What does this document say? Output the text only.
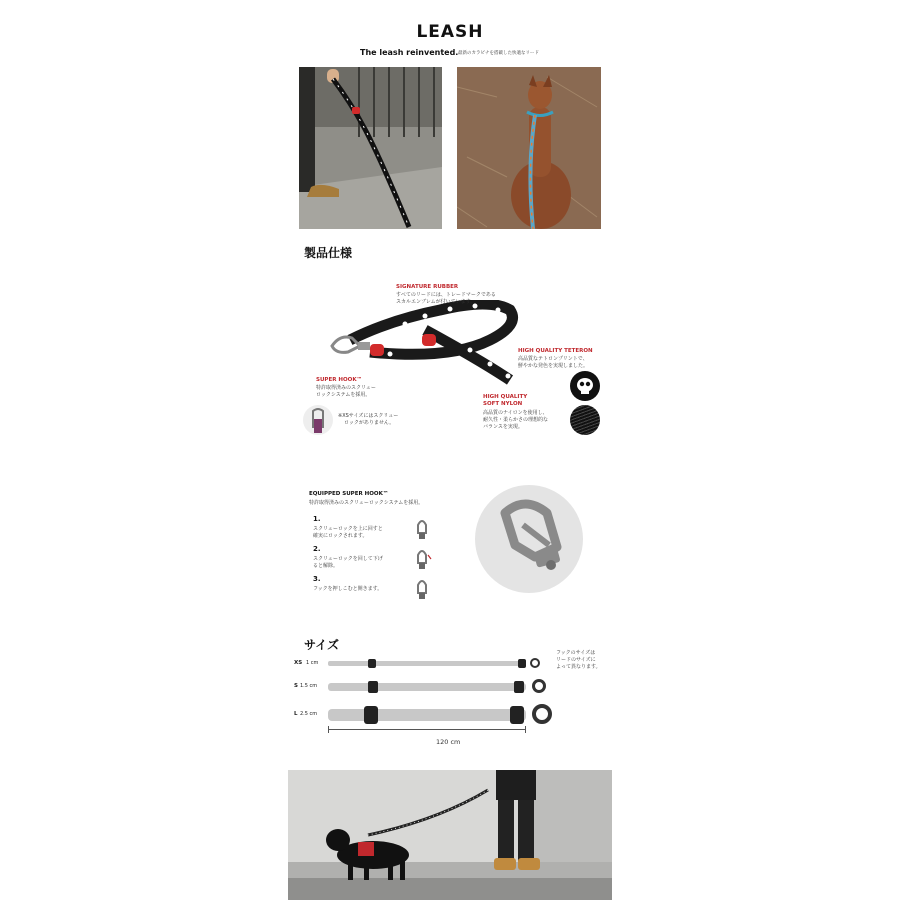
LEASH
The leash reinvented. 最新のカラビナを搭載した快適なリード
製品仕様
SIGNATURE RUBBER
すべてのリードには、トレードマークである
スカルエンブレムが付いています。
HIGH QUALITY TETERON
高品質なテトロンプリントで、
鮮やかな発色を実現しました。
HIGH QUALITY
SOFT NYLON
高品質のナイロンを使用し、
耐久性・柔らかさの理想的な
バランスを実現。
SUPER HOOK™
特許取得済みのスクリュー
ロックシステムを採用。
※XSサイズにはスクリュー
ロックがありません。
EQUIPPED SUPER HOOK™
特許取得済みのスクリューロックシステムを採用。
1.
スクリューロックを上に回すと
確実にロックされます。
2.
スクリューロックを回して下げ
ると解除。
3.
フックを押しこむと開きます。
サイズ
フックのサイズは
リードのサイズに
よって異なります。
XS 1 cm
S 1.5 cm
L 2.5 cm
120 cm
